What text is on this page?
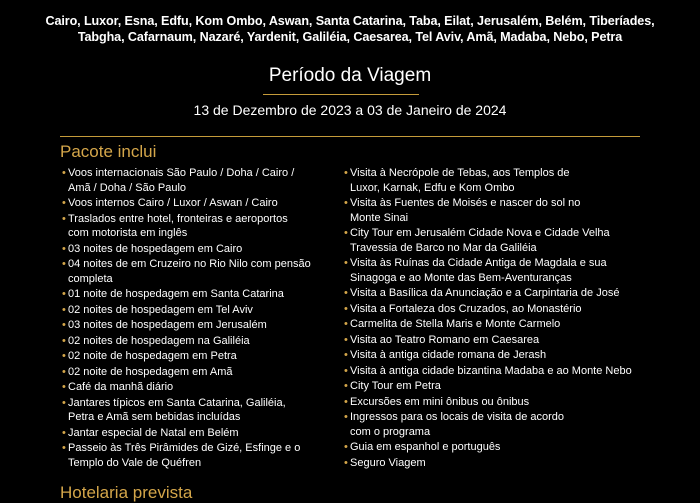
Cairo, Luxor, Esna, Edfu, Kom Ombo, Aswan, Santa Catarina, Taba, Eilat, Jerusalém, Belém, Tiberíades,
Tabgha, Cafarnaum, Nazaré, Yardenit, Galiléia, Caesarea, Tel Aviv, Amã, Madaba, Nebo, Petra
Período da Viagem
13 de Dezembro de 2023 a 03 de Janeiro de 2024
Pacote inclui
• Voos internacionais São Paulo / Doha / Cairo /
Amã / Doha / São Paulo
• Voos internos Cairo / Luxor / Aswan / Cairo
• Traslados entre hotel, fronteiras e aeroportos
com motorista em inglês
• 03 noites de hospedagem em Cairo
• 04 noites de em Cruzeiro no Rio Nilo com pensão
completa
• 01 noite de hospedagem em Santa Catarina
• 02 noites de hospedagem em Tel Aviv
• 03 noites de hospedagem em Jerusalém
• 02 noites de hospedagem na Galiléia
• 02 noite de hospedagem em Petra
• 02 noite de hospedagem em Amã
• Café da manhã diário
• Jantares típicos em Santa Catarina, Galiléia,
Petra e Amã sem bebidas incluídas
• Jantar especial de Natal em Belém
• Passeio às Três Pirâmides de Gizé, Esfinge e o
Templo do Vale de Quéfren
• Visita à Necrópole de Tebas, aos Templos de
Luxor, Karnak, Edfu e Kom Ombo
• Visita às Fuentes de Moisés e nascer do sol no
Monte Sinai
• City Tour em Jerusalém Cidade Nova e Cidade Velha
Travessia de Barco no Mar da Galiléia
• Visita às Ruínas da Cidade Antiga de Magdala e sua
Sinagoga e ao Monte das Bem-Aventuranças
• Visita a Basílica da Anunciação e a Carpintaria de José
• Visita a Fortaleza dos Cruzados, ao Monastério
• Carmelita de Stella Maris e Monte Carmelo
• Visita ao Teatro Romano em Caesarea
• Visita à antiga cidade romana de Jerash
• Visita à antiga cidade bizantina Madaba e ao Monte Nebo
• City Tour em Petra
• Excursões em mini ônibus ou ônibus
• Ingressos para os locais de visita de acordo
com o programa
• Guia em espanhol e português
• Seguro Viagem
Hotelaria prevista
